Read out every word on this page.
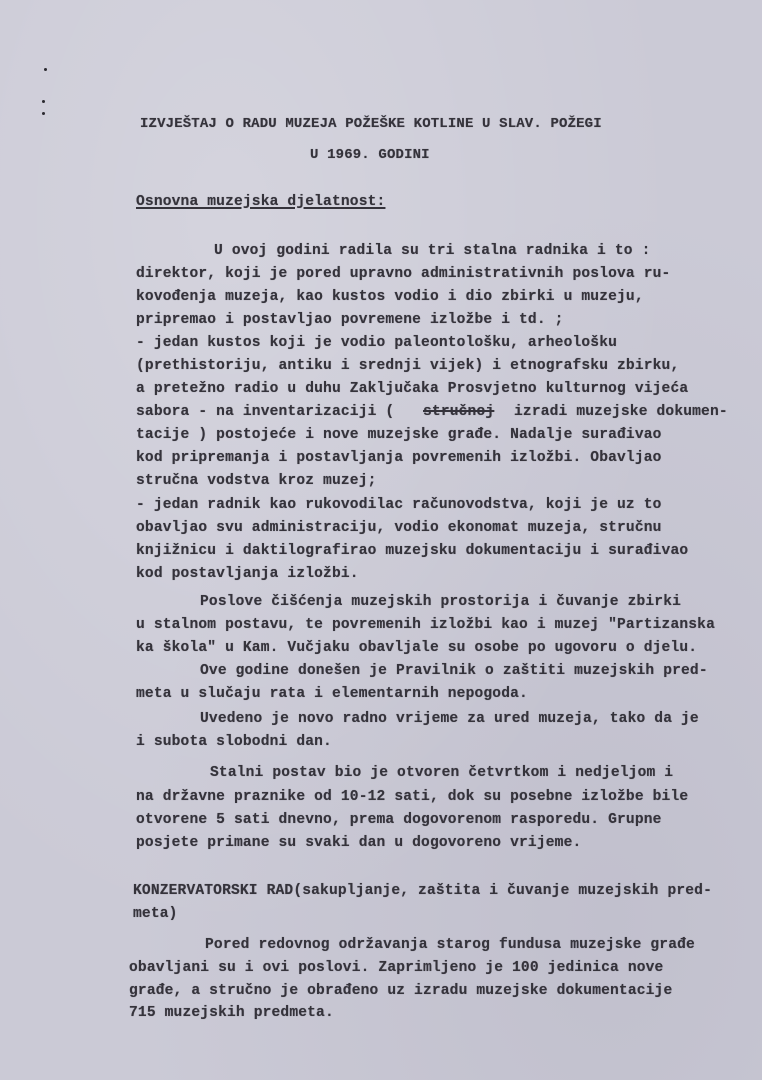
IZVJEŠTAJ O RADU MUZEJA POŽEŠKE KOTLINE U SLAV. POŽEGI
U 1969. GODINI
Osnovna muzejska djelatnost:
U ovoj godini radila su tri stalna radnika i to :
direktor, koji je pored upravno administrativnih poslova ru-
kovođenja muzeja, kao kustos vodio i dio zbirki u muzeju,
pripremao i postavljao povremene izložbe i td. ;
- jedan kustos koji je vodio paleontološku, arheološku
(prethistoriju, antiku i srednji vijek) i etnografsku zbirku,
a pretežno radio u duhu Zaključaka Prosvjetno kulturnog vijeća
sabora - na inventarizaciji ( stručnoj izradi muzejske dokumen-
tacije ) postojeće i nove muzejske građe. Nadalje surađivao
kod pripremanja i postavljanja povremenih izložbi. Obavljao
stručna vodstva kroz muzej;
- jedan radnik kao rukovodilac računovodstva, koji je uz to
obavljao svu administraciju, vodio ekonomat muzeja, stručnu
knjižnicu i daktilografirao muzejsku dokumentaciju i surađivao
kod postavljanja izložbi.
Poslove čišćenja muzejskih prostorija i čuvanje zbirki
u stalnom postavu, te povremenih izložbi kao i muzej "Partizanska
ka škola" u Kam. Vučjaku obavljale su osobe po ugovoru o djelu.
Ove godine donešen je Pravilnik o zaštiti muzejskih pred-
meta u slučaju rata i elementarnih nepogoda.
Uvedeno je novo radno vrijeme za ured muzeja, tako da je
i subota slobodni dan.
Stalni postav bio je otvoren četvrtkom i nedjeljom i
na državne praznike od 10-12 sati, dok su posebne izložbe bile
otvorene 5 sati dnevno, prema dogovorenom rasporedu. Grupne
posjete primane su svaki dan u dogovoreno vrijeme.
KONZERVATORSKI RAD(sakupljanje, zaštita i čuvanje muzejskih pred-
meta)
Pored redovnog održavanja starog fundusa muzejske građe
obavljani su i ovi poslovi. Zaprimljeno je 100 jedinica nove
građe, a stručno je obrađeno uz izradu muzejske dokumentacije
715 muzejskih predmeta.
